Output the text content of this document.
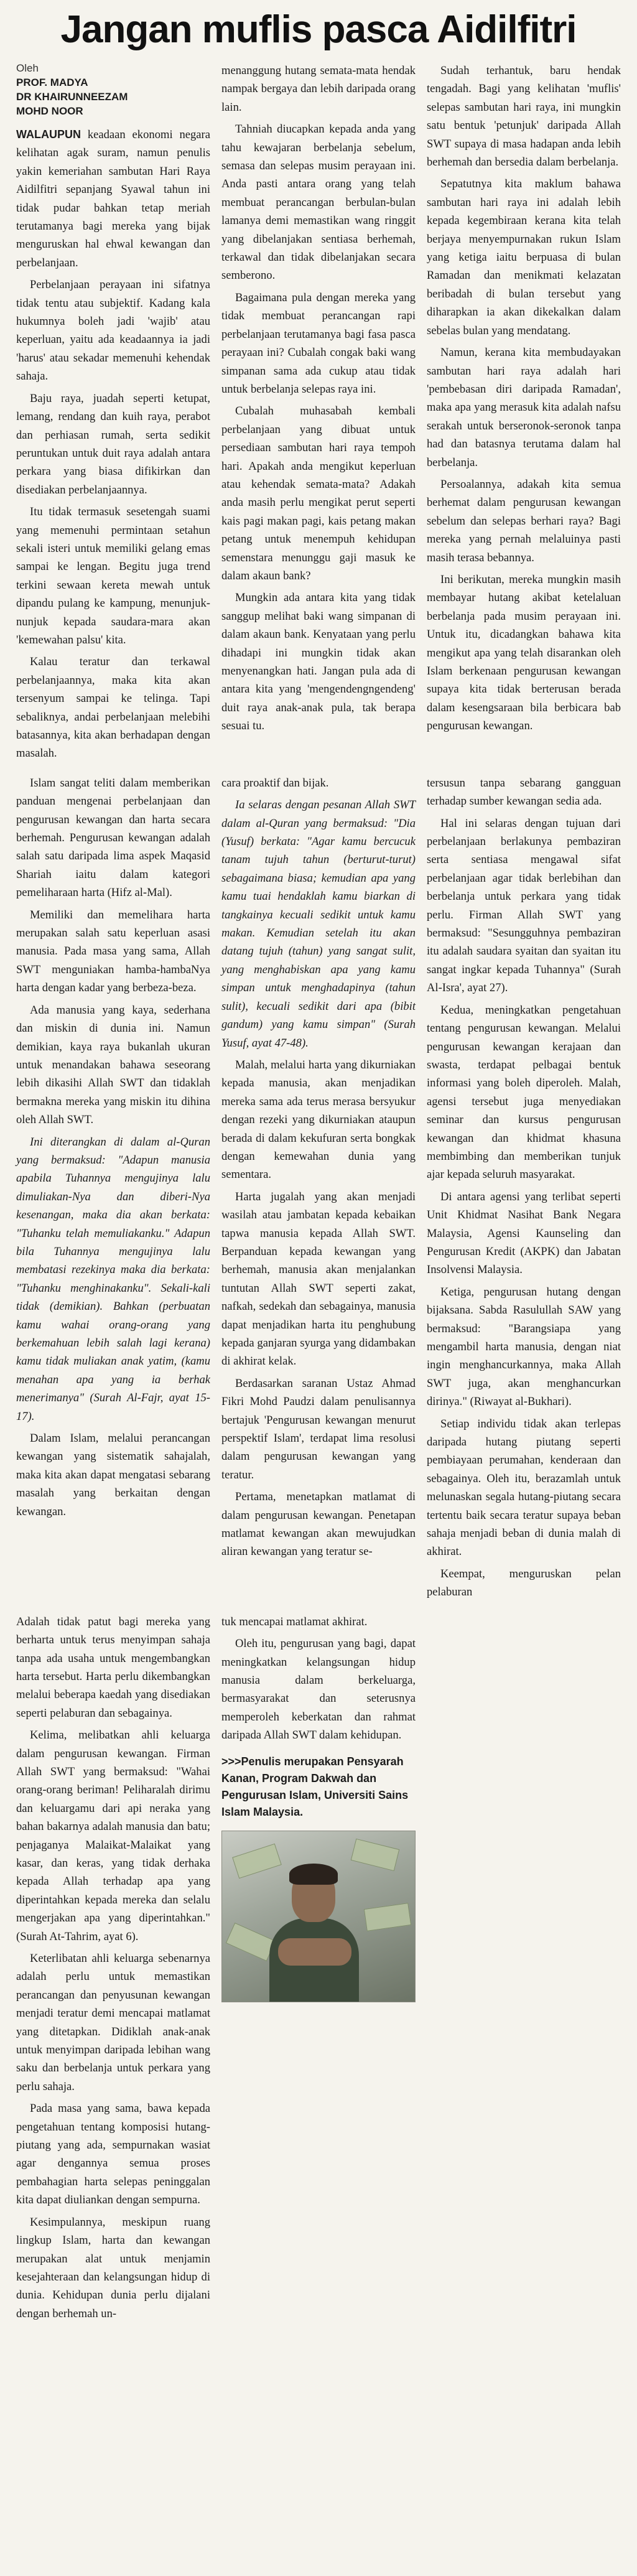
Jangan muflis pasca Aidilfitri
Oleh
PROF. MADYA
DR KHAIRUNNEEZAM
MOHD NOOR

WALAUPUN keadaan ekonomi negara kelihatan agak suram, namun penulis yakin kemeriahan sambutan Hari Raya Aidilfitri sepanjang Syawal tahun ini tidak pudar bahkan tetap meriah terutamanya bagi mereka yang bijak menguruskan hal ehwal kewangan dan perbelanjaan.

Perbelanjaan perayaan ini sifatnya tidak tentu atau subjektif. Kadang kala hukumnya boleh jadi 'wajib' atau keperluan, yaitu ada keadaannya ia jadi 'harus' atau sekadar memenuhi kehendak sahaja.

Baju raya, juadah seperti ketupat, lemang, rendang dan kuih raya, perabot dan perhiasan rumah, serta sedikit peruntukan untuk duit raya adalah antara perkara yang biasa difikirkan dan disediakan perbelanjaannya.

Itu tidak termasuk sesetengah suami yang memenuhi permintaan setahun sekali isteri untuk memiliki gelang emas sampai ke lengan. Begitu juga trend terkini sewaan kereta mewah untuk dipandu pulang ke kampung, menunjuk-nunjuk kepada saudara-mara akan 'kemewahan palsu' kita.

Kalau teratur dan terkawal perbelanjaannya, maka kita akan tersenyum sampai ke telinga. Tapi sebaliknya, andai perbelanjaan melebihi batasannya, kita akan berhadapan dengan masalah.

menanggung hutang semata-mata hendak nampak bergaya dan lebih daripada orang lain.

Tahniah diucapkan kepada anda yang tahu kewajaran berbelanja sebelum, semasa dan selepas musim perayaan ini. Anda pasti antara orang yang telah membuat perancangan berbulan-bulan lamanya demi memastikan wang ringgit yang dibelanjakan sentiasa berhemah, terkawal dan tidak dibelanjakan secara semberono.

Bagaimana pula dengan mereka yang tidak membuat perancangan rapi perbelanjaan terutamanya bagi fasa pasca perayaan ini? Cubalah congak baki wang simpanan sama ada cukup atau tidak untuk berbelanja selepas raya ini.

Cubalah muhasabah kembali perbelanjaan yang dibuat untuk persediaan sambutan hari raya tempoh hari. Apakah anda mengikut keperluan atau kehendak semata-mata? Adakah anda masih perlu mengikat perut seperti kais pagi makan pagi, kais petang makan petang untuk menempuh kehidupan semenstara menunggu gaji masuk ke dalam akaun bank?

Mungkin ada antara kita yang tidak sanggup melihat baki wang simpanan di dalam akaun bank. Kenyataan yang perlu dihadapi ini mungkin tidak akan menyenangkan hati. Jangan pula ada di antara kita yang 'mengendengngendeng' duit raya anak-anak pula, tak berapa sesuai tu.

Sudah terhantuk, baru hendak tengadah. Bagi yang kelihatan 'muflis' selepas sambutan hari raya, ini mungkin satu bentuk 'petunjuk' daripada Allah SWT supaya di masa hadapan anda lebih berhemah dan bersedia dalam berbelanja.

Sepatutnya kita maklum bahawa sambutan hari raya ini adalah lebih kepada kegembiraan kerana kita telah berjaya menyempurnakan rukun Islam yang ketiga iaitu berpuasa di bulan Ramadan dan menikmati kelazatan beribadah di bulan tersebut yang diharapkan ia akan dikekalkan dalam sebelas bulan yang mendatang.

Namun, kerana kita membudayakan sambutan hari raya adalah hari 'pembebasan diri daripada Ramadan', maka apa yang merasuk kita adalah nafsu serakah untuk berseronok-seronok tanpa had dan batasnya terutama dalam hal berbelanja.

Persoalannya, adakah kita semua berhemat dalam pengurusan kewangan sebelum dan selepas berhari raya? Bagi mereka yang pernah melaluinya pasti masih terasa bebannya.

Ini berikutan, mereka mungkin masih membayar hutang akibat ketelaluan berbelanja pada musim perayaan ini. Untuk itu, dicadangkan bahawa kita mengikut apa yang telah disarankan oleh Islam berkenaan pengurusan kewangan supaya kita tidak berterusan berada dalam kesengsaraan bila berbicara bab pengurusan kewangan.

Islam sangat teliti dalam memberikan panduan mengenai perbelanjaan dan pengurusan kewangan dan harta secara berhemah. Pengurusan kewangan adalah salah satu daripada lima aspek Maqasid Shariah iaitu dalam kategori pemeliharaan harta (Hifz al-Mal).

Memiliki dan memelihara harta merupakan salah satu keperluan asasi manusia. Pada masa yang sama, Allah SWT menguniakan hamba-hambaNya harta dengan kadar yang berbeza-beza.

Ada manusia yang kaya, sederhana dan miskin di dunia ini. Namun demikian, kaya raya bukanlah ukuran untuk menandakan bahawa seseorang lebih dikasihi Allah SWT dan tidaklah bermakna mereka yang miskin itu dihina oleh Allah SWT.

Ini diterangkan di dalam al-Quran yang bermaksud: "Adapun manusia apabila Tuhannya mengujinya lalu dimuliakan-Nya dan diberi-Nya kesenangan, maka dia akan berkata: "Tuhanku telah memuliakanku." Adapun bila Tuhannya mengujinya lalu membatasi rezekinya maka dia berkata: "Tuhanku menghinakanku". Sekali-kali tidak (demikian). Bahkan (perbuatan kamu wahai orang-orang yang berkemahuan lebih salah lagi kerana) kamu tidak muliakan anak yatim, (kamu menahan apa yang ia berhak menerimanya" (Surah Al-Fajr, ayat 15-17).

Dalam Islam, melalui perancangan kewangan yang sistematik sahajalah, maka kita akan dapat mengatasi sebarang masalah yang berkaitan dengan kewangan.

cara proaktif dan bijak.

Ia selaras dengan pesanan Allah SWT dalam al-Quran yang bermaksud: "Dia (Yusuf) berkata: "Agar kamu bercucuk tanam tujuh tahun (berturut-turut) sebagaimana biasa; kemudian apa yang kamu tuai hendaklah kamu biarkan di tangkainya kecuali sedikit untuk kamu makan. Kemudian setelah itu akan datang tujuh (tahun) yang sangat sulit, yang menghabiskan apa yang kamu simpan untuk menghadapinya (tahun sulit), kecuali sedikit dari apa (bibit gandum) yang kamu simpan" (Surah Yusuf, ayat 47-48).

Malah, melalui harta yang dikurniakan kepada manusia, akan menjadikan mereka sama ada terus merasa bersyukur dengan rezeki yang dikurniakan ataupun berada di dalam kekufuran serta bongkak dengan kemewahan dunia yang sementara.

Harta jugalah yang akan menjadi wasilah atau jambatan kepada kebaikan tapwa manusia kepada Allah SWT. Berpanduan kepada kewangan yang berhemah, manusia akan menjalankan tuntutan Allah SWT seperti zakat, nafkah, sedekah dan sebagainya, manusia dapat menjadikan harta itu penghubung kepada ganjaran syurga yang didambakan di akhirat kelak.

Berdasarkan saranan Ustaz Ahmad Fikri Mohd Paudzi dalam penulisannya bertajuk 'Pengurusan kewangan menurut perspektif Islam', terdapat lima resolusi dalam pengurusan kewangan yang teratur.

Pertama, menetapkan matlamat di dalam pengurusan kewangan. Penetapan matlamat kewangan akan mewujudkan aliran kewangan yang teratur se-

tersusun tanpa sebarang gangguan terhadap sumber kewangan sedia ada.

Hal ini selaras dengan tujuan dari perbelanjaan berlakunya pembaziran serta sentiasa mengawal sifat perbelanjaan agar tidak berlebihan dan berbelanja untuk perkara yang tidak perlu. Firman Allah SWT yang bermaksud: "Sesungguhnya pembaziran itu adalah saudara syaitan dan syaitan itu sangat ingkar kepada Tuhannya" (Surah Al-Isra', ayat 27).

Kedua, meningkatkan pengetahuan tentang pengurusan kewangan. Melalui pengurusan kewangan kerajaan dan swasta, terdapat pelbagai bentuk informasi yang boleh diperoleh. Malah, agensi tersebut juga menyediakan seminar dan kursus pengurusan kewangan dan khidmat khasuna membimbing dan memberikan tunjuk ajar kepada seluruh masyarakat.

Di antara agensi yang terlibat seperti Unit Khidmat Nasihat Bank Negara Malaysia, Agensi Kaunseling dan Pengurusan Kredit (AKPK) dan Jabatan Insolvensi Malaysia.

Ketiga, pengurusan hutang dengan bijaksana. Sabda Rasulullah SAW yang bermaksud: "Barangsiapa yang mengambil harta manusia, dengan niat ingin menghancurkannya, maka Allah SWT juga, akan menghancurkan dirinya." (Riwayat al-Bukhari).

Setiap individu tidak akan terlepas daripada hutang piutang seperti pembiayaan perumahan, kenderaan dan sebagainya. Oleh itu, berazamlah untuk melunaskan segala hutang-piutang secara tertentu baik secara teratur supaya beban sahaja menjadi beban di dunia malah di akhirat.

Keempat, menguruskan pelan pelaburan

Adalah tidak patut bagi mereka yang berharta untuk terus menyimpan sahaja tanpa ada usaha untuk mengembangkan harta tersebut. Harta perlu dikembangkan melalui beberapa kaedah yang disediakan seperti pelaburan dan sebagainya.

Kelima, melibatkan ahli keluarga dalam pengurusan kewangan. Firman Allah SWT yang bermaksud: "Wahai orang-orang beriman! Peliharalah dirimu dan keluargamu dari api neraka yang bahan bakarnya adalah manusia dan batu; penjaganya Malaikat-Malaikat yang kasar, dan keras, yang tidak derhaka kepada Allah terhadap apa yang diperintahkan kepada mereka dan selalu mengerjakan apa yang diperintahkan." (Surah At-Tahrim, ayat 6).

Keterlibatan ahli keluarga sebenarnya adalah perlu untuk memastikan perancangan dan penyusunan kewangan menjadi teratur demi mencapai matlamat yang ditetapkan. Didiklah anak-anak untuk menyimpan daripada lebihan wang saku dan berbelanja untuk perkara yang perlu sahaja.

Pada masa yang sama, bawa kepada pengetahuan tentang komposisi hutang-piutang yang ada, sempurnakan wasiat agar dengannya semua proses pembahagian harta selepas peninggalan kita dapat diuliankan dengan sempurna.

Kesimpulannya, meskipun ruang lingkup Islam, harta dan kewangan merupakan alat untuk menjamin kesejahteraan dan kelangsungan hidup di dunia. Kehidupan dunia perlu dijalani dengan berhemah un-

tuk mencapai matlamat akhirat.

Oleh itu, pengurusan yang bagi, dapat meningkatkan kelangsungan hidup manusia dalam berkeluarga, bermasyarakat dan seterusnya memperoleh keberkatan dan rahmat daripada Allah SWT dalam kehidupan.

>>>Penulis merupakan Pensyarah Kanan, Program Dakwah dan Pengurusan Islam, Universiti Sains Islam Malaysia.
